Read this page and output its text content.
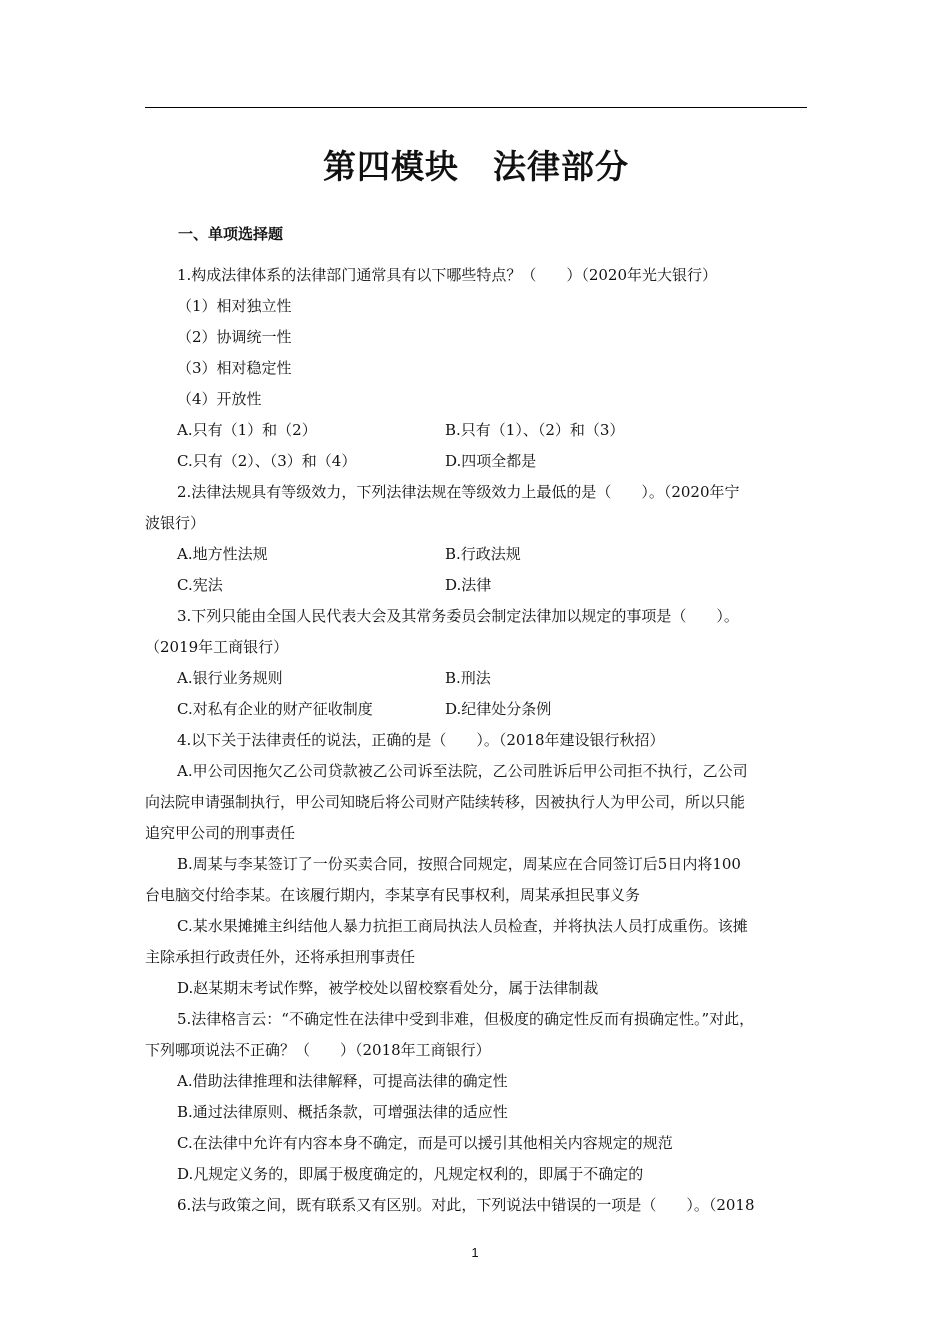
第四模块　法律部分
一、单项选择题
1.构成法律体系的法律部门通常具有以下哪些特点？（　　）（2020年光大银行）
（1）相对独立性
（2）协调统一性
（3）相对稳定性
（4）开放性
A.只有（1）和（2）	B.只有（1）、（2）和（3）
C.只有（2）、（3）和（4）	D.四项全都是
2.法律法规具有等级效力，下列法律法规在等级效力上最低的是（　　）。（2020年宁
波银行）
A.地方性法规	B.行政法规
C.宪法	D.法律
3.下列只能由全国人民代表大会及其常务委员会制定法律加以规定的事项是（　　）。
（2019年工商银行）
A.银行业务规则	B.刑法
C.对私有企业的财产征收制度	D.纪律处分条例
4.以下关于法律责任的说法，正确的是（　　）。（2018年建设银行秋招）
A.甲公司因拖欠乙公司贷款被乙公司诉至法院，乙公司胜诉后甲公司拒不执行，乙公司
向法院申请强制执行，甲公司知晓后将公司财产陆续转移，因被执行人为甲公司，所以只能
追究甲公司的刑事责任
B.周某与李某签订了一份买卖合同，按照合同规定，周某应在合同签订后5日内将100
台电脑交付给李某。在该履行期内，李某享有民事权利，周某承担民事义务
C.某水果摊摊主纠结他人暴力抗拒工商局执法人员检查，并将执法人员打成重伤。该摊
主除承担行政责任外，还将承担刑事责任
D.赵某期末考试作弊，被学校处以留校察看处分，属于法律制裁
5.法律格言云：“不确定性在法律中受到非难，但极度的确定性反而有损确定性。”对此，
下列哪项说法不正确？（　　）（2018年工商银行）
A.借助法律推理和法律解释，可提高法律的确定性
B.通过法律原则、概括条款，可增强法律的适应性
C.在法律中允许有内容本身不确定，而是可以援引其他相关内容规定的规范
D.凡规定义务的，即属于极度确定的，凡规定权利的，即属于不确定的
6.法与政策之间，既有联系又有区别。对此，下列说法中错误的一项是（　　）。（2018
1
